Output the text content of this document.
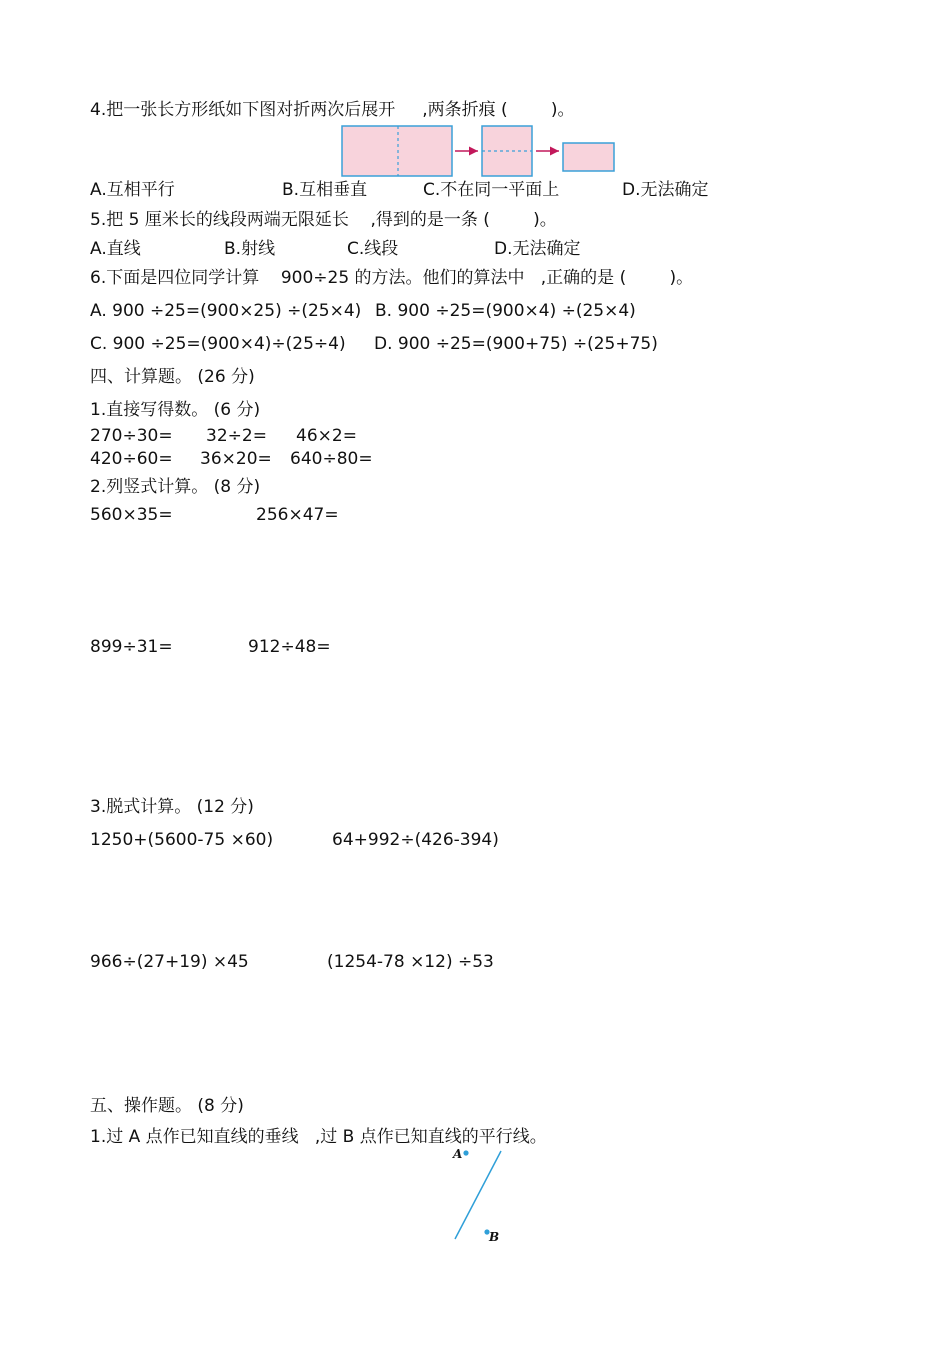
4.把一张长方形纸如下图对折两次后展开     ,两条折痕 (        )。
A.互相平行	B.互相垂直	C.不在同一平面上	D.无法确定
5.把 5 厘米长的线段两端无限延长    ,得到的是一条 (        )。
A.直线	B.射线	C.线段	D.无法确定
6.下面是四位同学计算    900÷25 的方法。他们的算法中   ,正确的是 (        )。
A. 900 ÷25=(900×25) ÷(25×4) B. 900 ÷25=(900×4) ÷(25×4)
C. 900 ÷25=(900×4)÷(25÷4) D. 900 ÷25=(900+75) ÷(25+75)
四、计算题。 (26 分)
1.直接写得数。 (6 分)
270÷30= 32÷2= 46×2=
420÷60= 36×20= 640÷80=
2.列竖式计算。 (8 分)
560×35=	256×47=
899÷31=	912÷48=
3.脱式计算。 (12 分)
1250+(5600-75 ×60)	64+992÷(426-394)
966÷(27+19) ×45	(1254-78 ×12) ÷53
五、操作题。 (8 分)
1.过 A 点作已知直线的垂线   ,过 B 点作已知直线的平行线。
A
B
